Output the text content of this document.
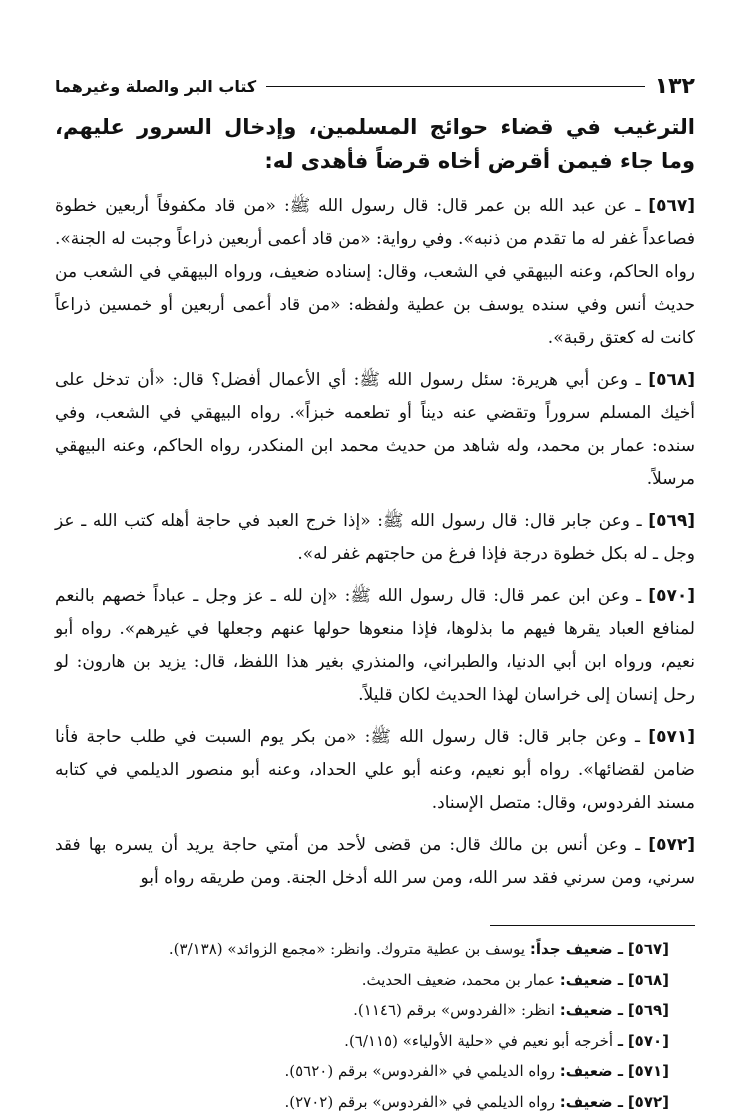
١٣٢
كتاب البر والصلة وغيرهما
الترغيب في قضاء حوائج المسلمين، وإدخال السرور عليهم، وما جاء فيمن أقرض أخاه قرضاً فأهدى له:

[٥٦٧] ـ عن عبد الله بن عمر قال: قال رسول الله ﷺ: «من قاد مكفوفاً أربعين خطوة فصاعداً غفر له ما تقدم من ذنبه». وفي رواية: «من قاد أعمى أربعين ذراعاً وجبت له الجنة». رواه الحاكم، وعنه البيهقي في الشعب، وقال: إسناده ضعيف، ورواه البيهقي في الشعب من حديث أنس وفي سنده يوسف بن عطية ولفظه: «من قاد أعمى أربعين أو خمسين ذراعاً كانت له كعتق رقبة».

[٥٦٨] ـ وعن أبي هريرة: سئل رسول الله ﷺ: أي الأعمال أفضل؟ قال: «أن تدخل على أخيك المسلم سروراً وتقضي عنه ديناً أو تطعمه خبزاً». رواه البيهقي في الشعب، وفي سنده: عمار بن محمد، وله شاهد من حديث محمد ابن المنكدر، رواه الحاكم، وعنه البيهقي مرسلاً.

[٥٦٩] ـ وعن جابر قال: قال رسول الله ﷺ: «إذا خرج العبد في حاجة أهله كتب الله ـ عز وجل ـ له بكل خطوة درجة فإذا فرغ من حاجتهم غفر له».

[٥٧٠] ـ وعن ابن عمر قال: قال رسول الله ﷺ: «إن لله ـ عز وجل ـ عباداً خصهم بالنعم لمنافع العباد يقرها فيهم ما بذلوها، فإذا منعوها حولها عنهم وجعلها في غيرهم». رواه أبو نعيم، ورواه ابن أبي الدنيا، والطبراني، والمنذري بغير هذا اللفظ، قال: يزيد بن هارون: لو رحل إنسان إلى خراسان لهذا الحديث لكان قليلاً.

[٥٧١] ـ وعن جابر قال: قال رسول الله ﷺ: «من بكر يوم السبت في طلب حاجة فأنا ضامن لقضائها». رواه أبو نعيم، وعنه أبو علي الحداد، وعنه أبو منصور الديلمي في كتابه مسند الفردوس، وقال: متصل الإسناد.

[٥٧٢] ـ وعن أنس بن مالك قال: من قضى لأحد من أمتي حاجة يريد أن يسره بها فقد سرني، ومن سرني فقد سر الله، ومن سر الله أدخل الجنة. ومن طريقه رواه أبو

[٥٦٧] ـ ضعيف جداً: يوسف بن عطية متروك. وانظر: «مجمع الزوائد» (٣/١٣٨).

[٥٦٨] ـ ضعيف: عمار بن محمد، ضعيف الحديث.

[٥٦٩] ـ ضعيف: انظر: «الفردوس» برقم (١١٤٦).

[٥٧٠] ـ أخرجه أبو نعيم في «حلية الأولياء» (٦/١١٥).

[٥٧١] ـ ضعيف: رواه الديلمي في «الفردوس» برقم (٥٦٢٠).

[٥٧٢] ـ ضعيف: رواه الديلمي في «الفردوس» برقم (٢٧٠٢).
